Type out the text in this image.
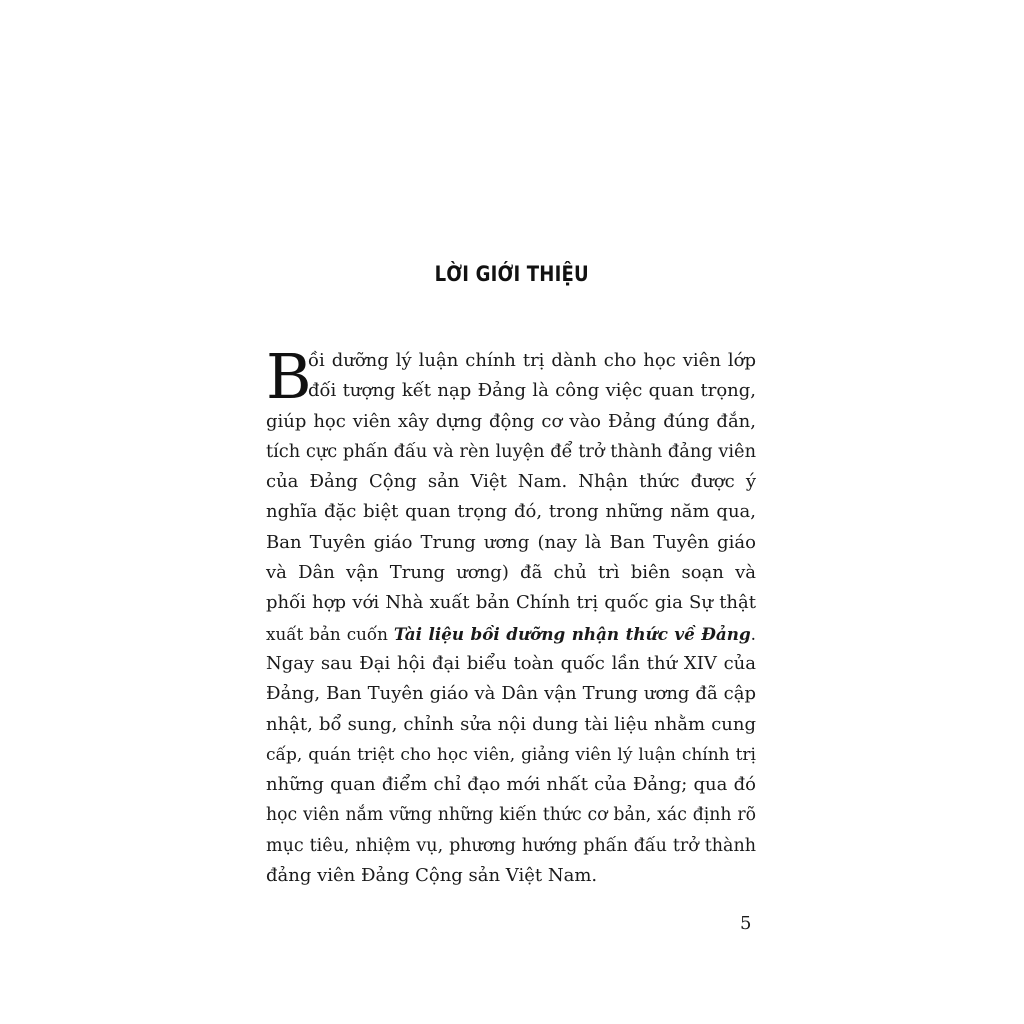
LỜI GIỚI THIỆU
B
ồi dưỡng lý luận chính trị dành cho học viên lớp
đối tượng kết nạp Đảng là công việc quan trọng,
giúp học viên xây dựng động cơ vào Đảng đúng đắn,
tích cực phấn đấu và rèn luyện để trở thành đảng viên
của Đảng Cộng sản Việt Nam. Nhận thức được ý
nghĩa đặc biệt quan trọng đó, trong những năm qua,
Ban Tuyên giáo Trung ương (nay là Ban Tuyên giáo
và Dân vận Trung ương) đã chủ trì biên soạn và
phối hợp với Nhà xuất bản Chính trị quốc gia Sự thật
xuất bản cuốn Tài liệu bồi dưỡng nhận thức về Đảng.
Ngay sau Đại hội đại biểu toàn quốc lần thứ XIV của
Đảng, Ban Tuyên giáo và Dân vận Trung ương đã cập
nhật, bổ sung, chỉnh sửa nội dung tài liệu nhằm cung
cấp, quán triệt cho học viên, giảng viên lý luận chính trị
những quan điểm chỉ đạo mới nhất của Đảng; qua đó
học viên nắm vững những kiến thức cơ bản, xác định rõ
mục tiêu, nhiệm vụ, phương hướng phấn đấu trở thành
đảng viên Đảng Cộng sản Việt Nam.
5
